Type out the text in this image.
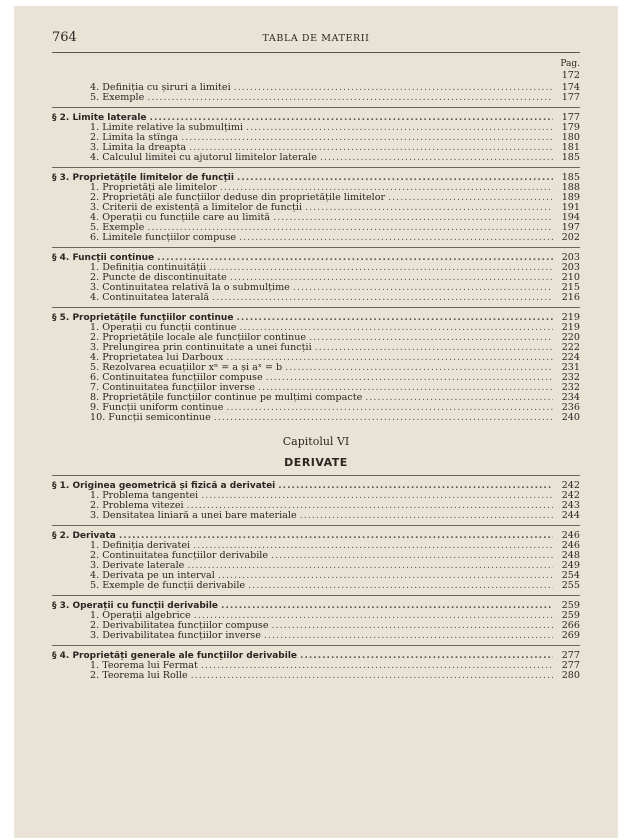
764	TABLA DE MATERII
Pag.
172
4. Definiția cu șiruri a limitei .....	174
5. Exemple .....	177
§ 2. Limite laterale .....	177
1. Limite relative la submulțimi .....	179
2. Limita la stînga .....	180
3. Limita la dreapta .....	181
4. Calculul limitei cu ajutorul limitelor laterale .....	185
§ 3. Proprietățile limitelor de funcții .....	185
1. Proprietăți ale limitelor .....	188
2. Proprietăți ale funcțiilor deduse din proprietățile limitelor .....	189
3. Criterii de existență a limitelor de funcții .....	191
4. Operații cu funcțiile care au limită .....	194
5. Exemple .....	197
6. Limitele funcțiilor compuse .....	202
§ 4. Funcții continue .....	203
1. Definiția continuității .....	203
2. Puncte de discontinuitate .....	210
3. Continuitatea relativă la o submulțime .....	215
4. Continuitatea laterală .....	216
§ 5. Proprietățile funcțiilor continue .....	219
1. Operații cu funcții continue .....	219
2. Proprietățile locale ale funcțiilor continue .....	220
3. Prelungirea prin continuitate a unei funcții .....	222
4. Proprietatea lui Darboux .....	224
5. Rezolvarea ecuațiilor xⁿ = a și aˣ = b .....	231
6. Continuitatea funcțiilor compuse .....	232
7. Continuitatea funcțiilor inverse .....	232
8. Proprietățile funcțiilor continue pe mulțimi compacte .....	234
9. Funcții uniform continue .....	236
10. Funcții semicontinue .....	240
Capitolul VI
DERIVATE
§ 1. Originea geometrică și fizică a derivatei .....	242
1. Problema tangentei .....	242
2. Problema vitezei .....	243
3. Densitatea liniară a unei bare materiale .....	244
§ 2. Derivata .....	246
1. Definiția derivatei .....	246
2. Continuitatea funcțiilor derivabile .....	248
3. Derivate laterale .....	249
4. Derivata pe un interval .....	254
5. Exemple de funcții derivabile .....	255
§ 3. Operații cu funcții derivabile .....	259
1. Operații algebrice .....	259
2. Derivabilitatea funcțiilor compuse .....	266
3. Derivabilitatea funcțiilor inverse .....	269
§ 4. Proprietăți generale ale funcțiilor derivabile .....	277
1. Teorema lui Fermat .....	277
2. Teorema lui Rolle .....	280
